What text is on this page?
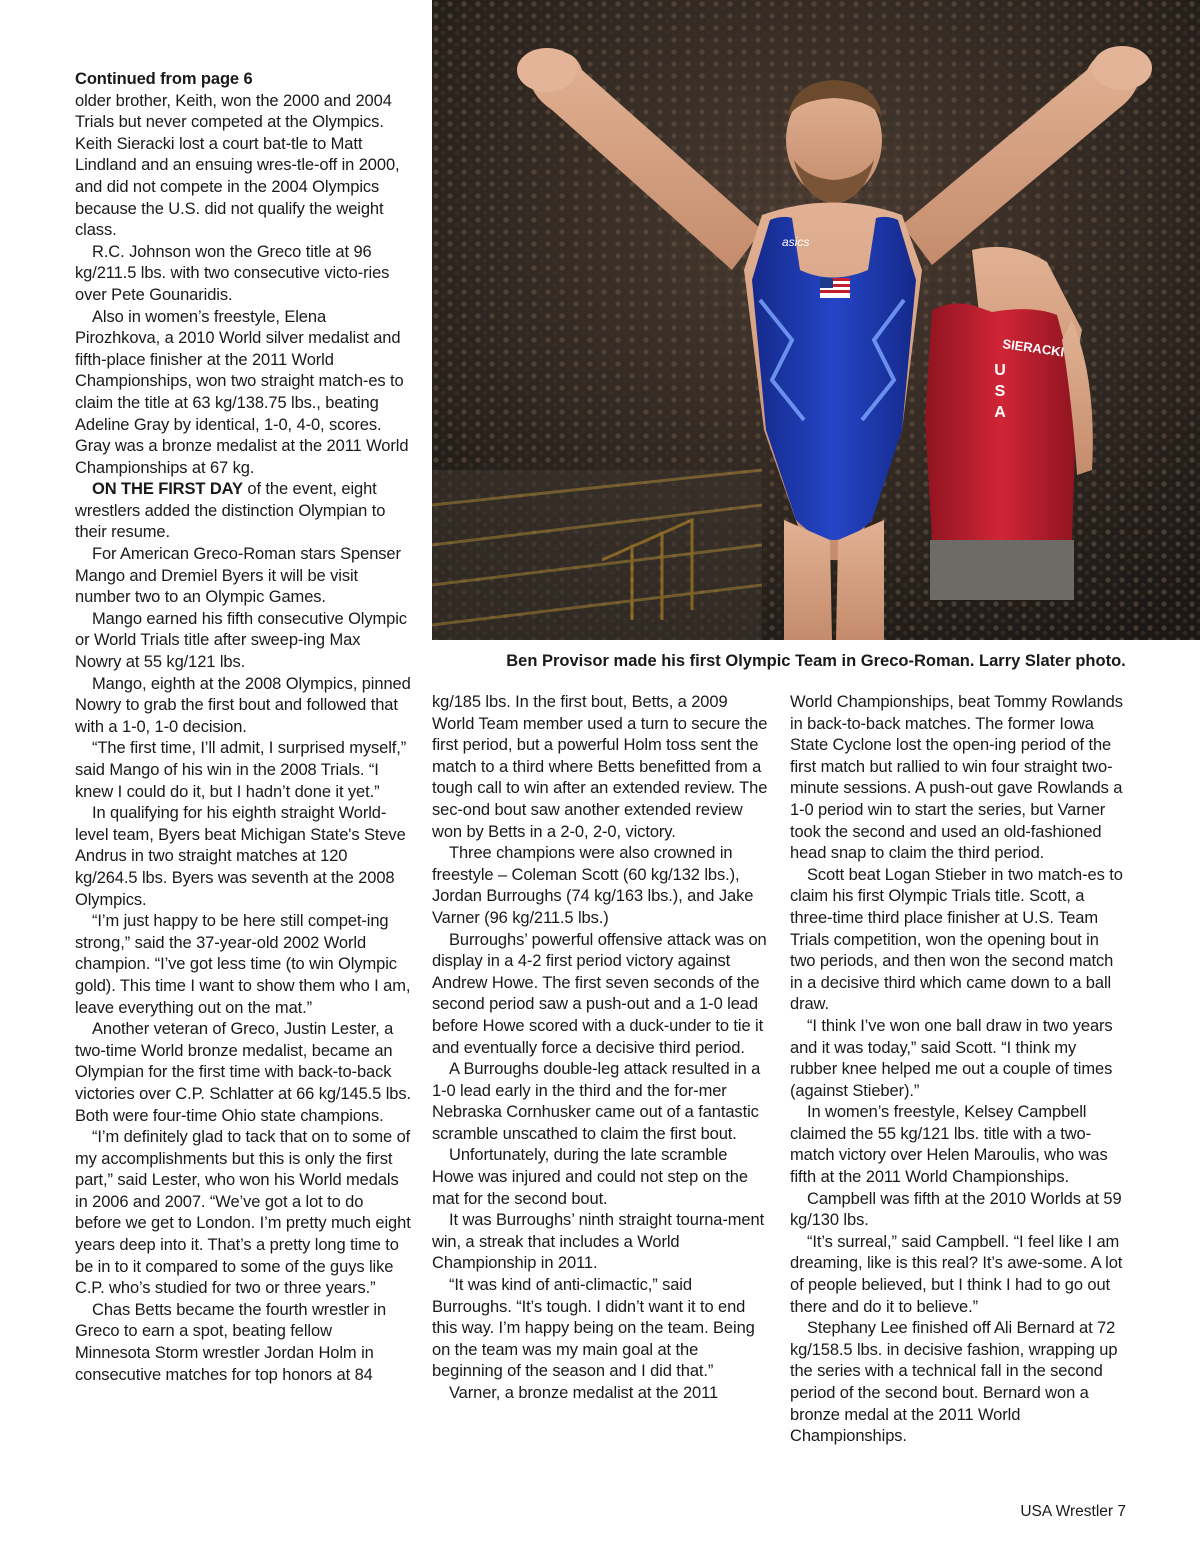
Continued from page 6

older brother, Keith, won the 2000 and 2004 Trials but never competed at the Olympics. Keith Sieracki lost a court bat-tle to Matt Lindland and an ensuing wres-tle-off in 2000, and did not compete in the 2004 Olympics because the U.S. did not qualify the weight class.

R.C. Johnson won the Greco title at 96 kg/211.5 lbs. with two consecutive victo-ries over Pete Gounaridis.

Also in women’s freestyle, Elena Pirozhkova, a 2010 World silver medalist and fifth-place finisher at the 2011 World Championships, won two straight match-es to claim the title at 63 kg/138.75 lbs., beating Adeline Gray by identical, 1-0, 4-0, scores. Gray was a bronze medalist at the 2011 World Championships at 67 kg.

ON THE FIRST DAY of the event, eight wrestlers added the distinction Olympian to their resume.

For American Greco-Roman stars Spenser Mango and Dremiel Byers it will be visit number two to an Olympic Games.

Mango earned his fifth consecutive Olympic or World Trials title after sweep-ing Max Nowry at 55 kg/121 lbs.

Mango, eighth at the 2008 Olympics, pinned Nowry to grab the first bout and followed that with a 1-0, 1-0 decision.

“The first time, I’ll admit, I surprised myself,” said Mango of his win in the 2008 Trials. “I knew I could do it, but I hadn’t done it yet.”

In qualifying for his eighth straight World-level team, Byers beat Michigan State's Steve Andrus in two straight matches at 120 kg/264.5 lbs. Byers was seventh at the 2008 Olympics.

“I’m just happy to be here still compet-ing strong,” said the 37-year-old 2002 World champion. “I’ve got less time (to win Olympic gold). This time I want to show them who I am, leave everything out on the mat.”

Another veteran of Greco, Justin Lester, a two-time World bronze medalist, became an Olympian for the first time with back-to-back victories over C.P. Schlatter at 66 kg/145.5 lbs. Both were four-time Ohio state champions.

“I’m definitely glad to tack that on to some of my accomplishments but this is only the first part,” said Lester, who won his World medals in 2006 and 2007. “We’ve got a lot to do before we get to London. I’m pretty much eight years deep into it. That’s a pretty long time to be in to it compared to some of the guys like C.P. who’s studied for two or three years.”

Chas Betts became the fourth wrestler in Greco to earn a spot, beating fellow Minnesota Storm wrestler Jordan Holm in consecutive matches for top honors at 84

SIERACKI
U
S
A
asics
Ben Provisor made his first Olympic Team in Greco-Roman. Larry Slater photo.

kg/185 lbs. In the first bout, Betts, a 2009 World Team member used a turn to secure the first period, but a powerful Holm toss sent the match to a third where Betts benefitted from a tough call to win after an extended review. The sec-ond bout saw another extended review won by Betts in a 2-0, 2-0, victory.

Three champions were also crowned in freestyle – Coleman Scott (60 kg/132 lbs.), Jordan Burroughs (74 kg/163 lbs.), and Jake Varner (96 kg/211.5 lbs.)

Burroughs’ powerful offensive attack was on display in a 4-2 first period victory against Andrew Howe. The first seven seconds of the second period saw a push-out and a 1-0 lead before Howe scored with a duck-under to tie it and eventually force a decisive third period.

A Burroughs double-leg attack resulted in a 1-0 lead early in the third and the for-mer Nebraska Cornhusker came out of a fantastic scramble unscathed to claim the first bout.

Unfortunately, during the late scramble Howe was injured and could not step on the mat for the second bout.

It was Burroughs’ ninth straight tourna-ment win, a streak that includes a World Championship in 2011.

“It was kind of anti-climactic,” said Burroughs. “It’s tough. I didn’t want it to end this way. I’m happy being on the team. Being on the team was my main goal at the beginning of the season and I did that.”

Varner, a bronze medalist at the 2011

World Championships, beat Tommy Rowlands in back-to-back matches. The former Iowa State Cyclone lost the open-ing period of the first match but rallied to win four straight two-minute sessions. A push-out gave Rowlands a 1-0 period win to start the series, but Varner took the second and used an old-fashioned head snap to claim the third period.

Scott beat Logan Stieber in two match-es to claim his first Olympic Trials title. Scott, a three-time third place finisher at U.S. Team Trials competition, won the opening bout in two periods, and then won the second match in a decisive third which came down to a ball draw.

“I think I’ve won one ball draw in two years and it was today,” said Scott. “I think my rubber knee helped me out a couple of times (against Stieber).”

In women’s freestyle, Kelsey Campbell claimed the 55 kg/121 lbs. title with a two-match victory over Helen Maroulis, who was fifth at the 2011 World Championships.

Campbell was fifth at the 2010 Worlds at 59 kg/130 lbs.

“It’s surreal,” said Campbell. “I feel like I am dreaming, like is this real? It’s awe-some. A lot of people believed, but I think I had to go out there and do it to believe.”

Stephany Lee finished off Ali Bernard at 72 kg/158.5 lbs. in decisive fashion, wrapping up the series with a technical fall in the second period of the second bout. Bernard won a bronze medal at the 2011 World Championships.

USA Wrestler 7
